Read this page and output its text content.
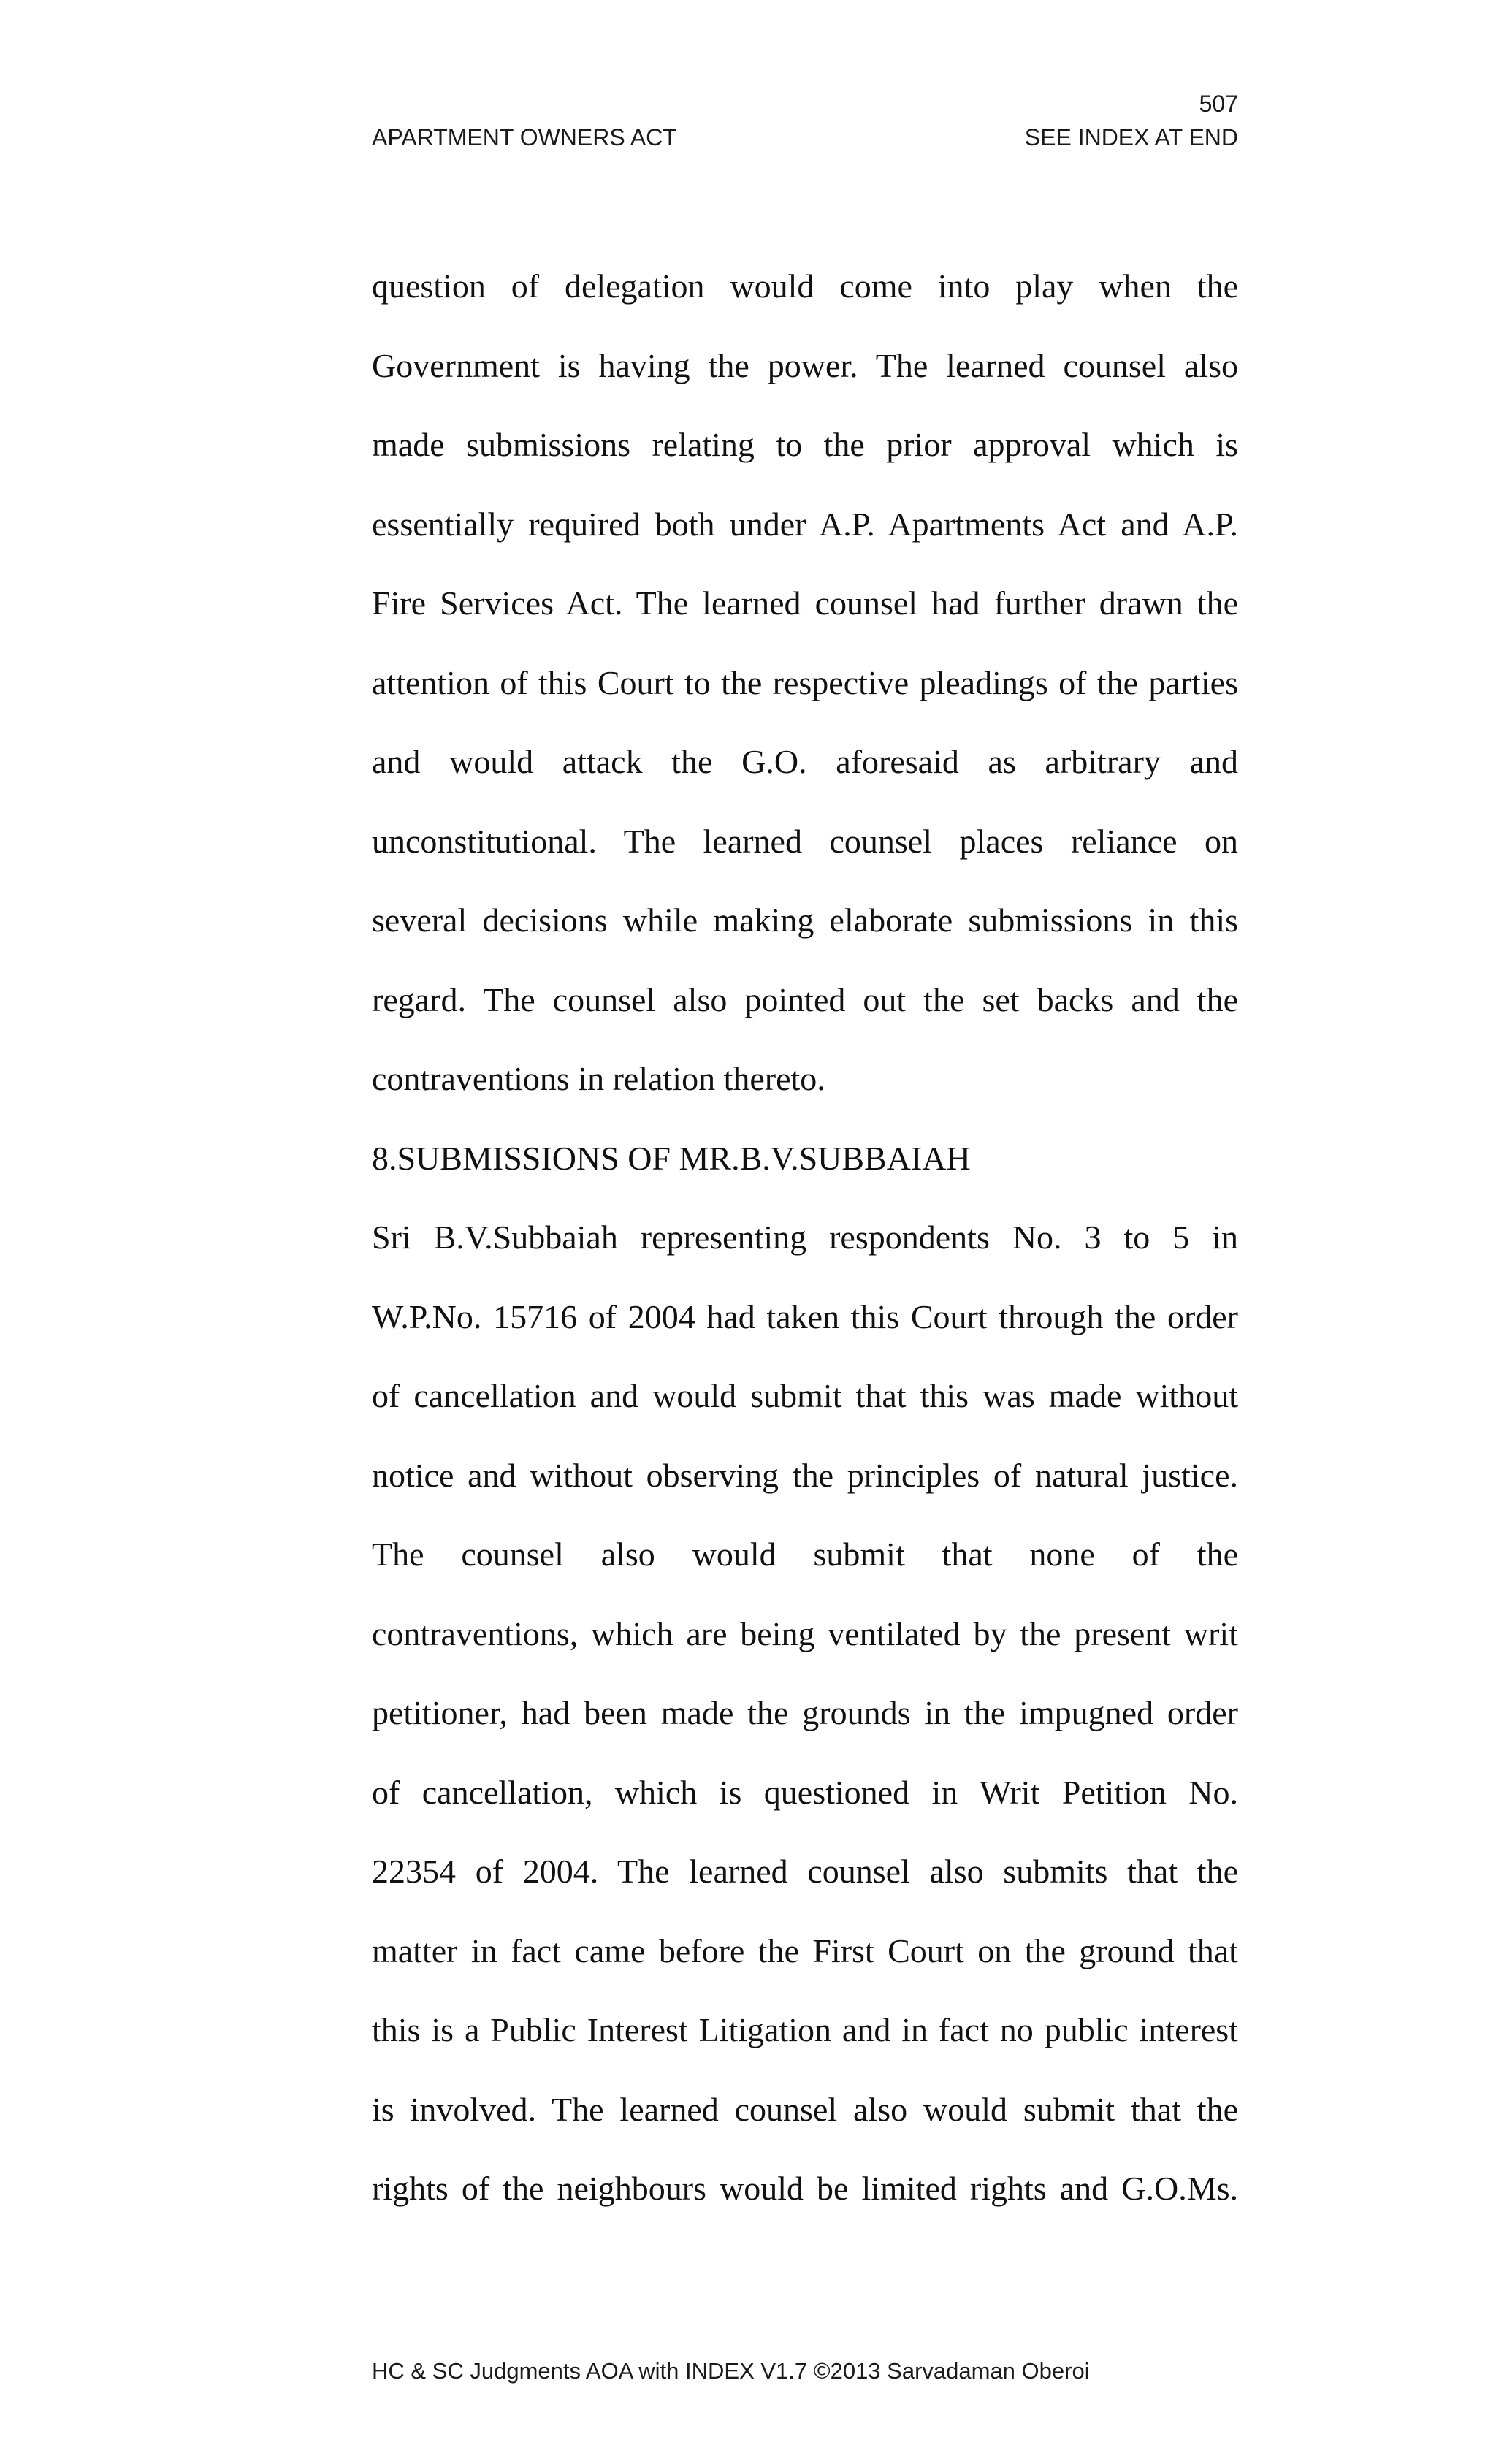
507
APARTMENT OWNERS ACT	SEE INDEX AT END
question of delegation would come into play when the
Government is having the power. The learned counsel also
made submissions relating to the prior approval which is
essentially required both under A.P. Apartments Act and A.P.
Fire Services Act. The learned counsel had further drawn the
attention of this Court to the respective pleadings of the parties
and would attack the G.O. aforesaid as arbitrary and
unconstitutional. The learned counsel places reliance on
several decisions while making elaborate submissions in this
regard. The counsel also pointed out the set backs and the
contraventions in relation thereto.
8.SUBMISSIONS OF MR.B.V.SUBBAIAH
Sri B.V.Subbaiah representing respondents No. 3 to 5 in
W.P.No. 15716 of 2004 had taken this Court through the order
of cancellation and would submit that this was made without
notice and without observing the principles of natural justice.
The counsel also would submit that none of the
contraventions, which are being ventilated by the present writ
petitioner, had been made the grounds in the impugned order
of cancellation, which is questioned in Writ Petition No.
22354 of 2004. The learned counsel also submits that the
matter in fact came before the First Court on the ground that
this is a Public Interest Litigation and in fact no public interest
is involved. The learned counsel also would submit that the
rights of the neighbours would be limited rights and G.O.Ms.
HC & SC Judgments AOA with INDEX V1.7 ©2013 Sarvadaman Oberoi
